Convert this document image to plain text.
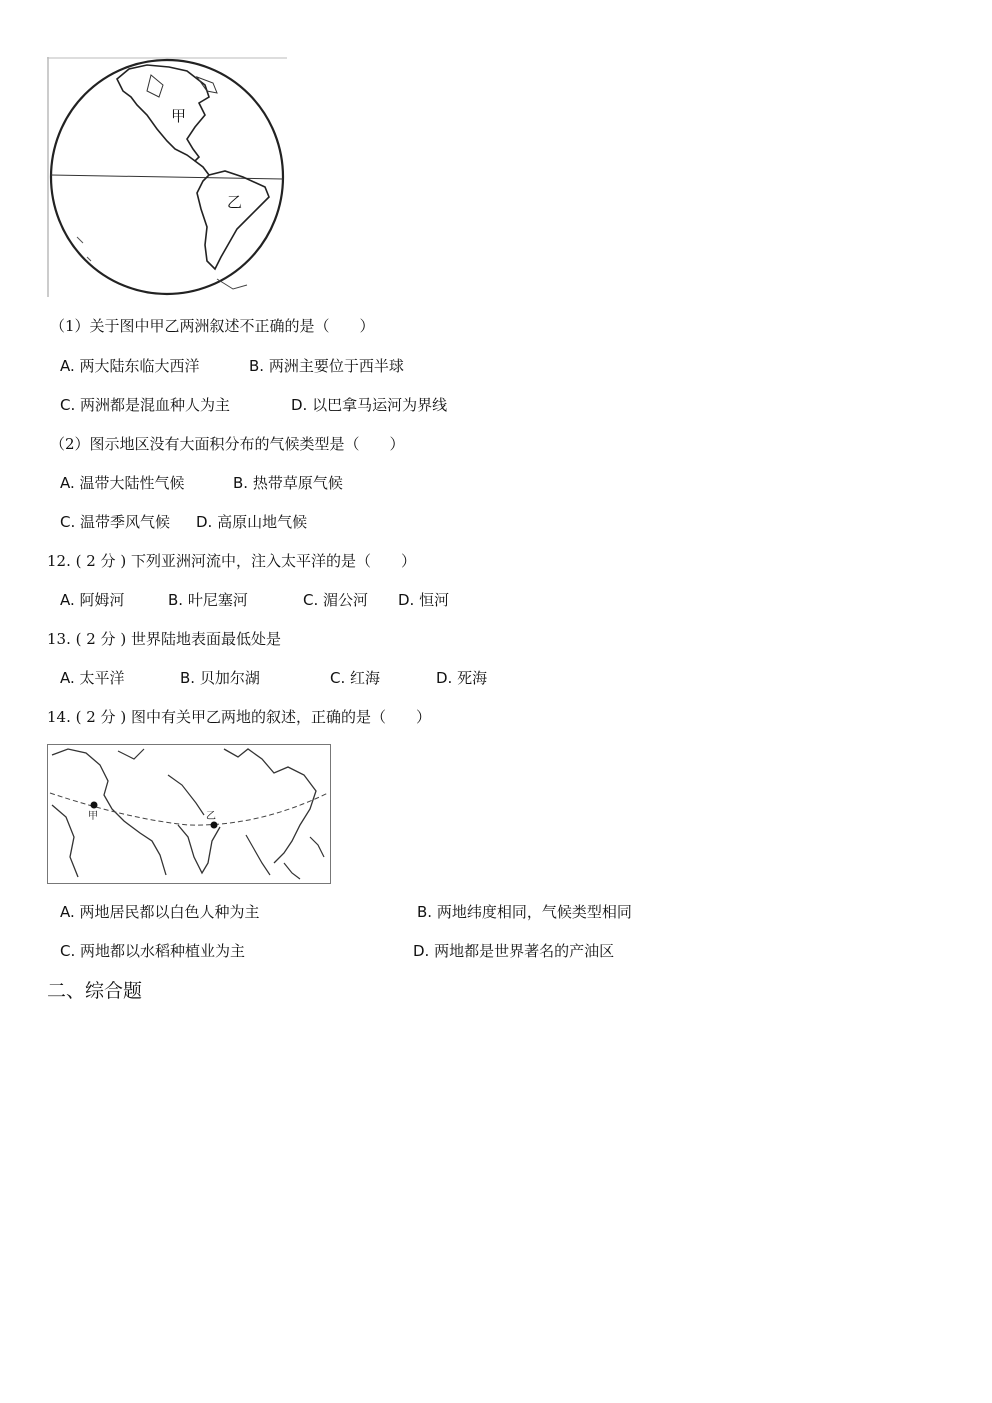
甲
乙
（1）关于图中甲乙两洲叙述不正确的是（　　）
A. 两大陆东临大西洋	B. 两洲主要位于西半球
C. 两洲都是混血种人为主	D. 以巴拿马运河为界线
（2）图示地区没有大面积分布的气候类型是（　　）
A. 温带大陆性气候	B. 热带草原气候
C. 温带季风气候 D. 高原山地气候
12. ( 2 分 ) 下列亚洲河流中，注入太平洋的是（　　）
A. 阿姆河	B. 叶尼塞河	C. 湄公河 D. 恒河
13. ( 2 分 ) 世界陆地表面最低处是
A. 太平洋	B. 贝加尔湖	C. 红海	D. 死海
14. ( 2 分 ) 图中有关甲乙两地的叙述，正确的是（　　）
甲	乙
A. 两地居民都以白色人种为主	B. 两地纬度相同，气候类型相同
C. 两地都以水稻种植业为主	D. 两地都是世界著名的产油区
二、综合题
